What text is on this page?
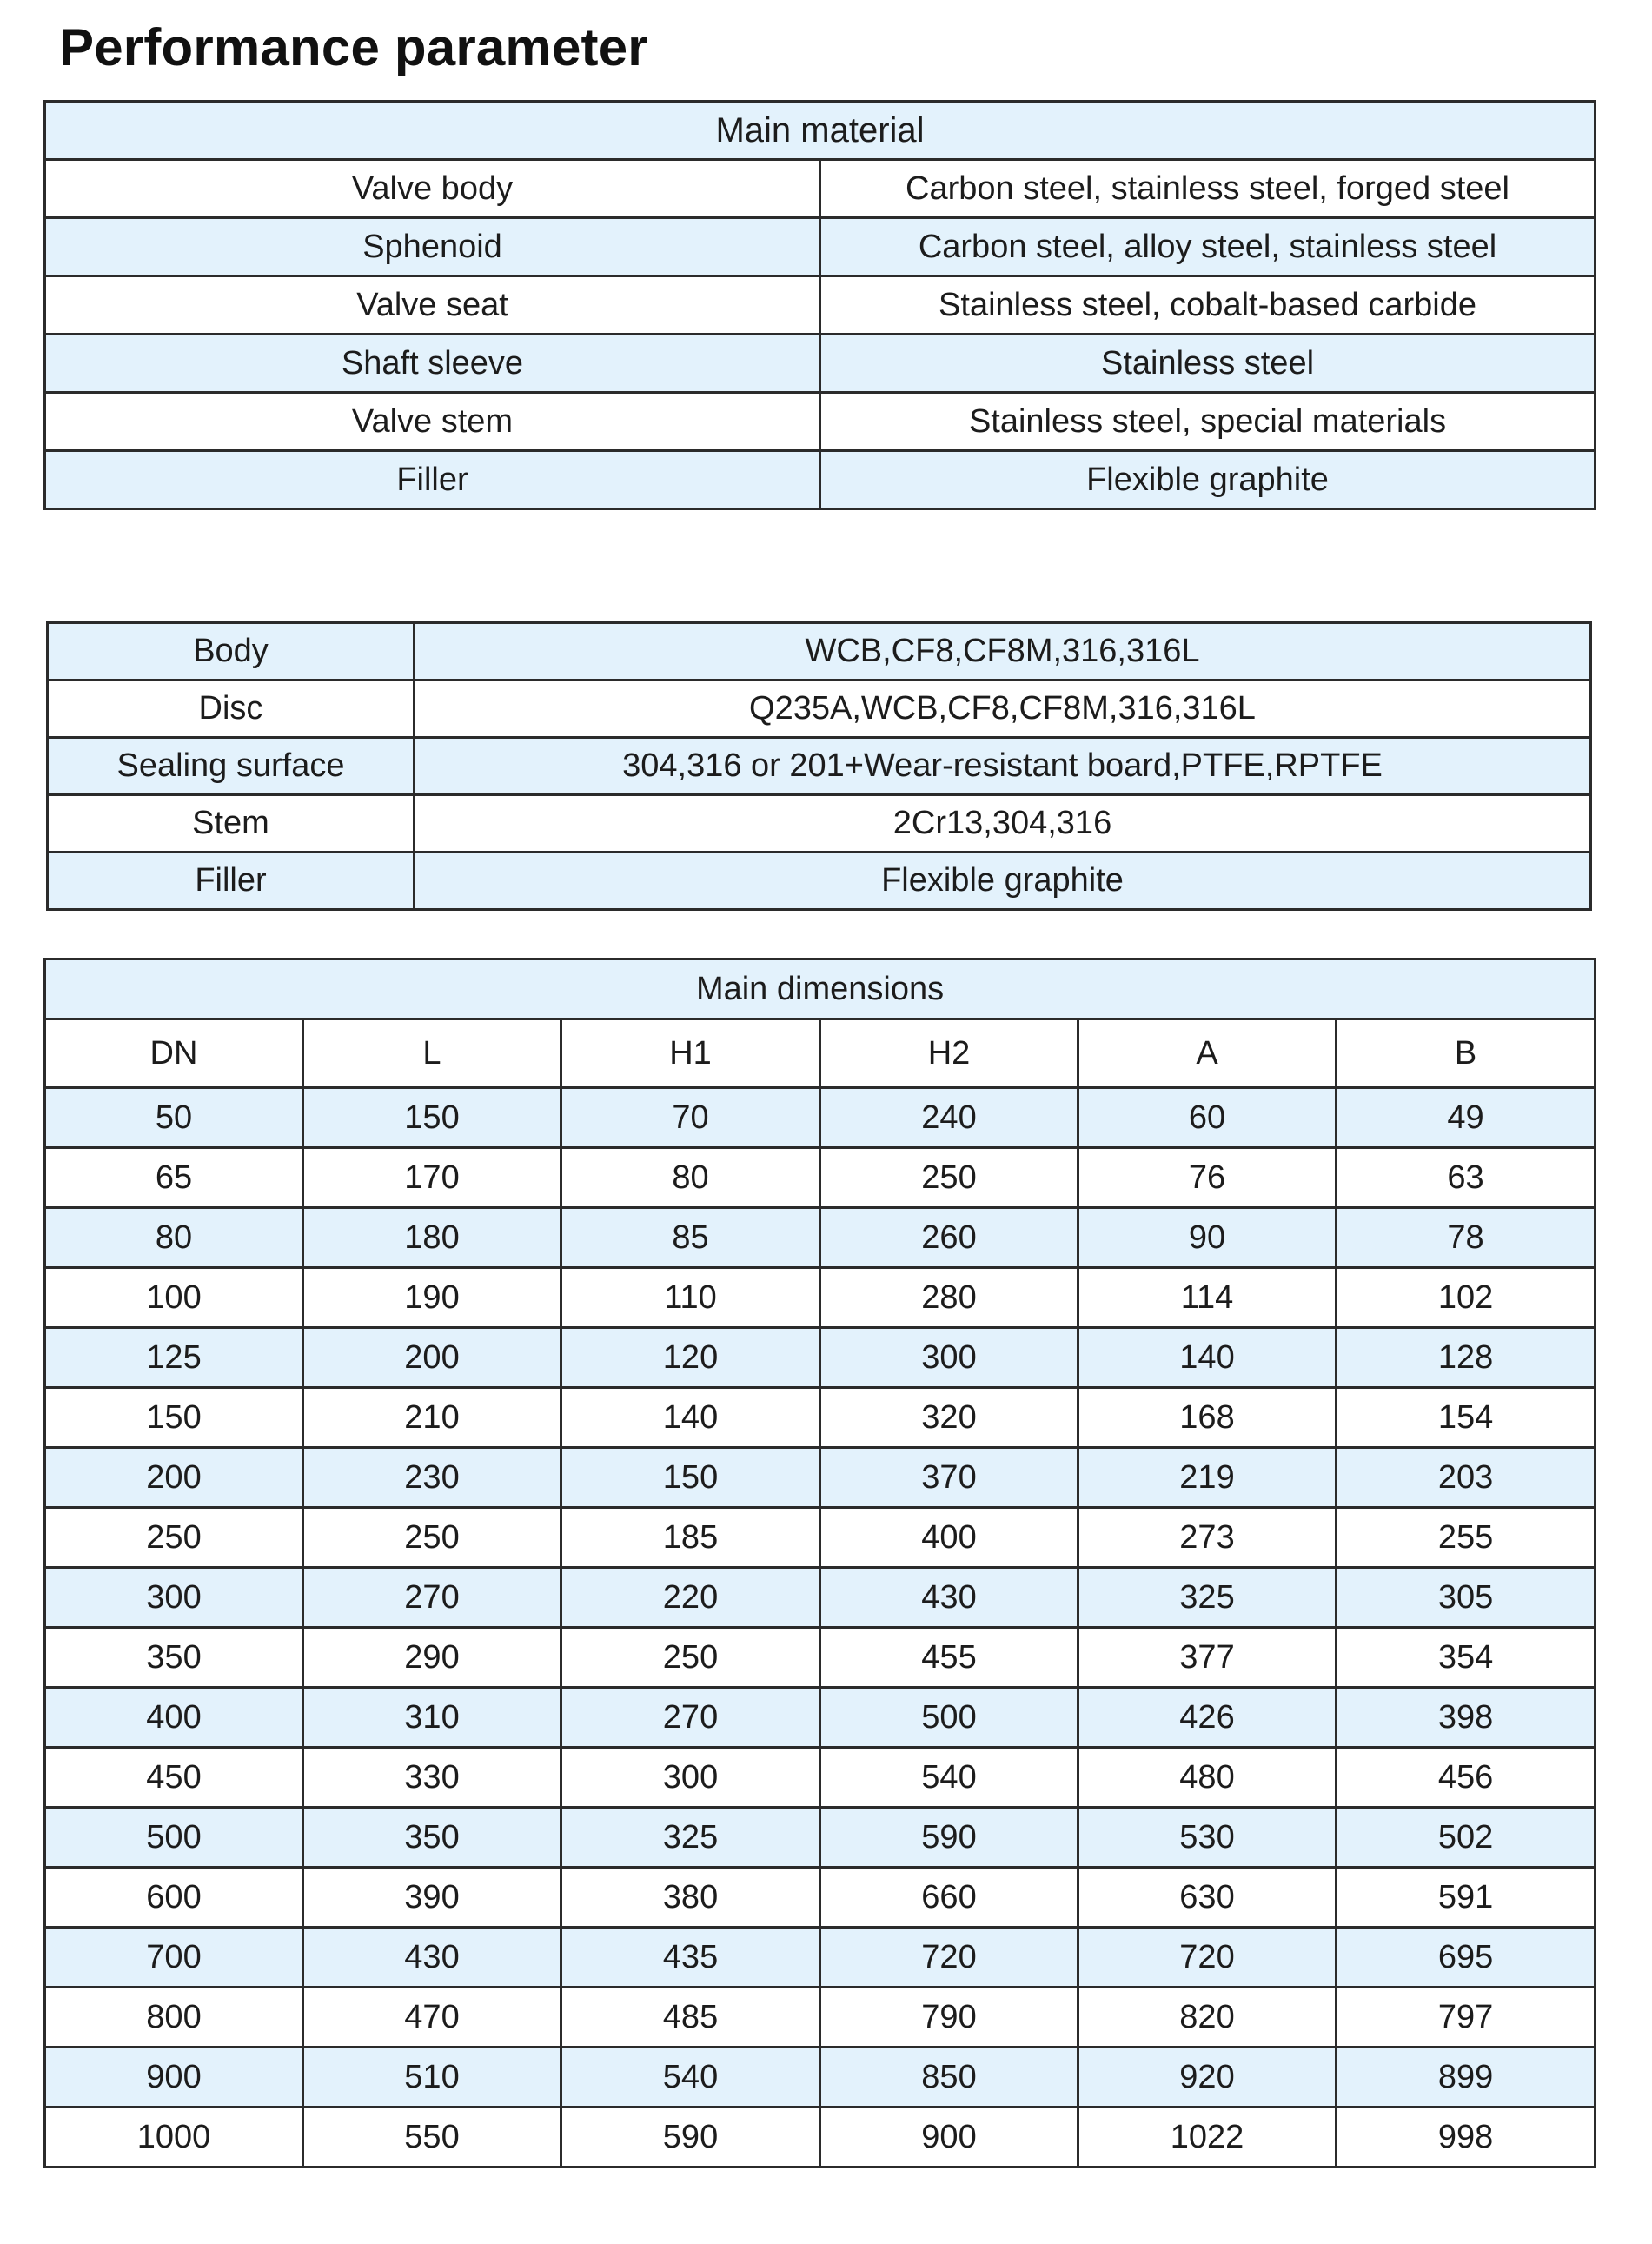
Performance parameter
Main material	
Valve body	Carbon steel, stainless steel, forged steel
Sphenoid	Carbon steel, alloy steel, stainless steel
Valve seat	Stainless steel, cobalt-based carbide
Shaft sleeve	Stainless steel
Valve stem	Stainless steel, special materials
Filler	Flexible graphite
Body	WCB,CF8,CF8M,316,316L
Disc	Q235A,WCB,CF8,CF8M,316,316L
Sealing surface	304,316 or 201+Wear-resistant board,PTFE,RPTFE
Stem	2Cr13,304,316
Filler	Flexible graphite
Main dimensions					
DN	L	H1	H2	A	B
50	150	70	240	60	49
65	170	80	250	76	63
80	180	85	260	90	78
100	190	110	280	114	102
125	200	120	300	140	128
150	210	140	320	168	154
200	230	150	370	219	203
250	250	185	400	273	255
300	270	220	430	325	305
350	290	250	455	377	354
400	310	270	500	426	398
450	330	300	540	480	456
500	350	325	590	530	502
600	390	380	660	630	591
700	430	435	720	720	695
800	470	485	790	820	797
900	510	540	850	920	899
1000	550	590	900	1022	998
